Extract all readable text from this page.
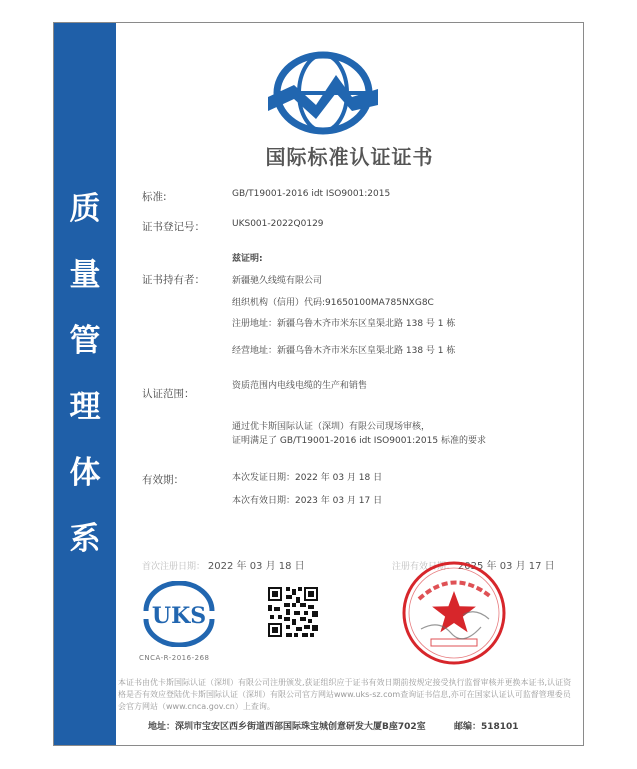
质
量
管
理
体
系
国际标准认证证书
标准:	GB/T19001-2016 idt ISO9001:2015
证书登记号：	UKS001-2022Q0129
兹证明:
证书持有者：	新疆驰久线缆有限公司
组织机构（信用）代码:91650100MA785NXG8C
注册地址：新疆乌鲁木齐市米东区皇渠北路 138 号 1 栋
经营地址：新疆乌鲁木齐市米东区皇渠北路 138 号 1 栋
认证范围：
资质范围内电线电缆的生产和销售
通过优卡斯国际认证（深圳）有限公司现场审核，
证明满足了 GB/T19001-2016 idt ISO9001:2015 标准的要求
有效期：	本次发证日期：2022 年 03 月 18 日
本次有效日期：2023 年 03 月 17 日
首次注册日期： 2022 年 03 月 18 日	注册有效日期： 2025 年 03 月 17 日
UKS
CNCA-R-2016-268
本证书由优卡斯国际认证（深圳）有限公司注册颁发,获证组织应于证书有效日期前按规定接受执行监督审核并更换本证书,认证资格是否有效应登陆优卡斯国际认证（深圳）有限公司官方网站www.uks-sz.com查询证书信息,亦可在国家认证认可监督管理委员会官方网站（www.cnca.gov.cn）上查询。
地址：深圳市宝安区西乡街道西部国际珠宝城创意研发大厦B座702室	邮编：518101
